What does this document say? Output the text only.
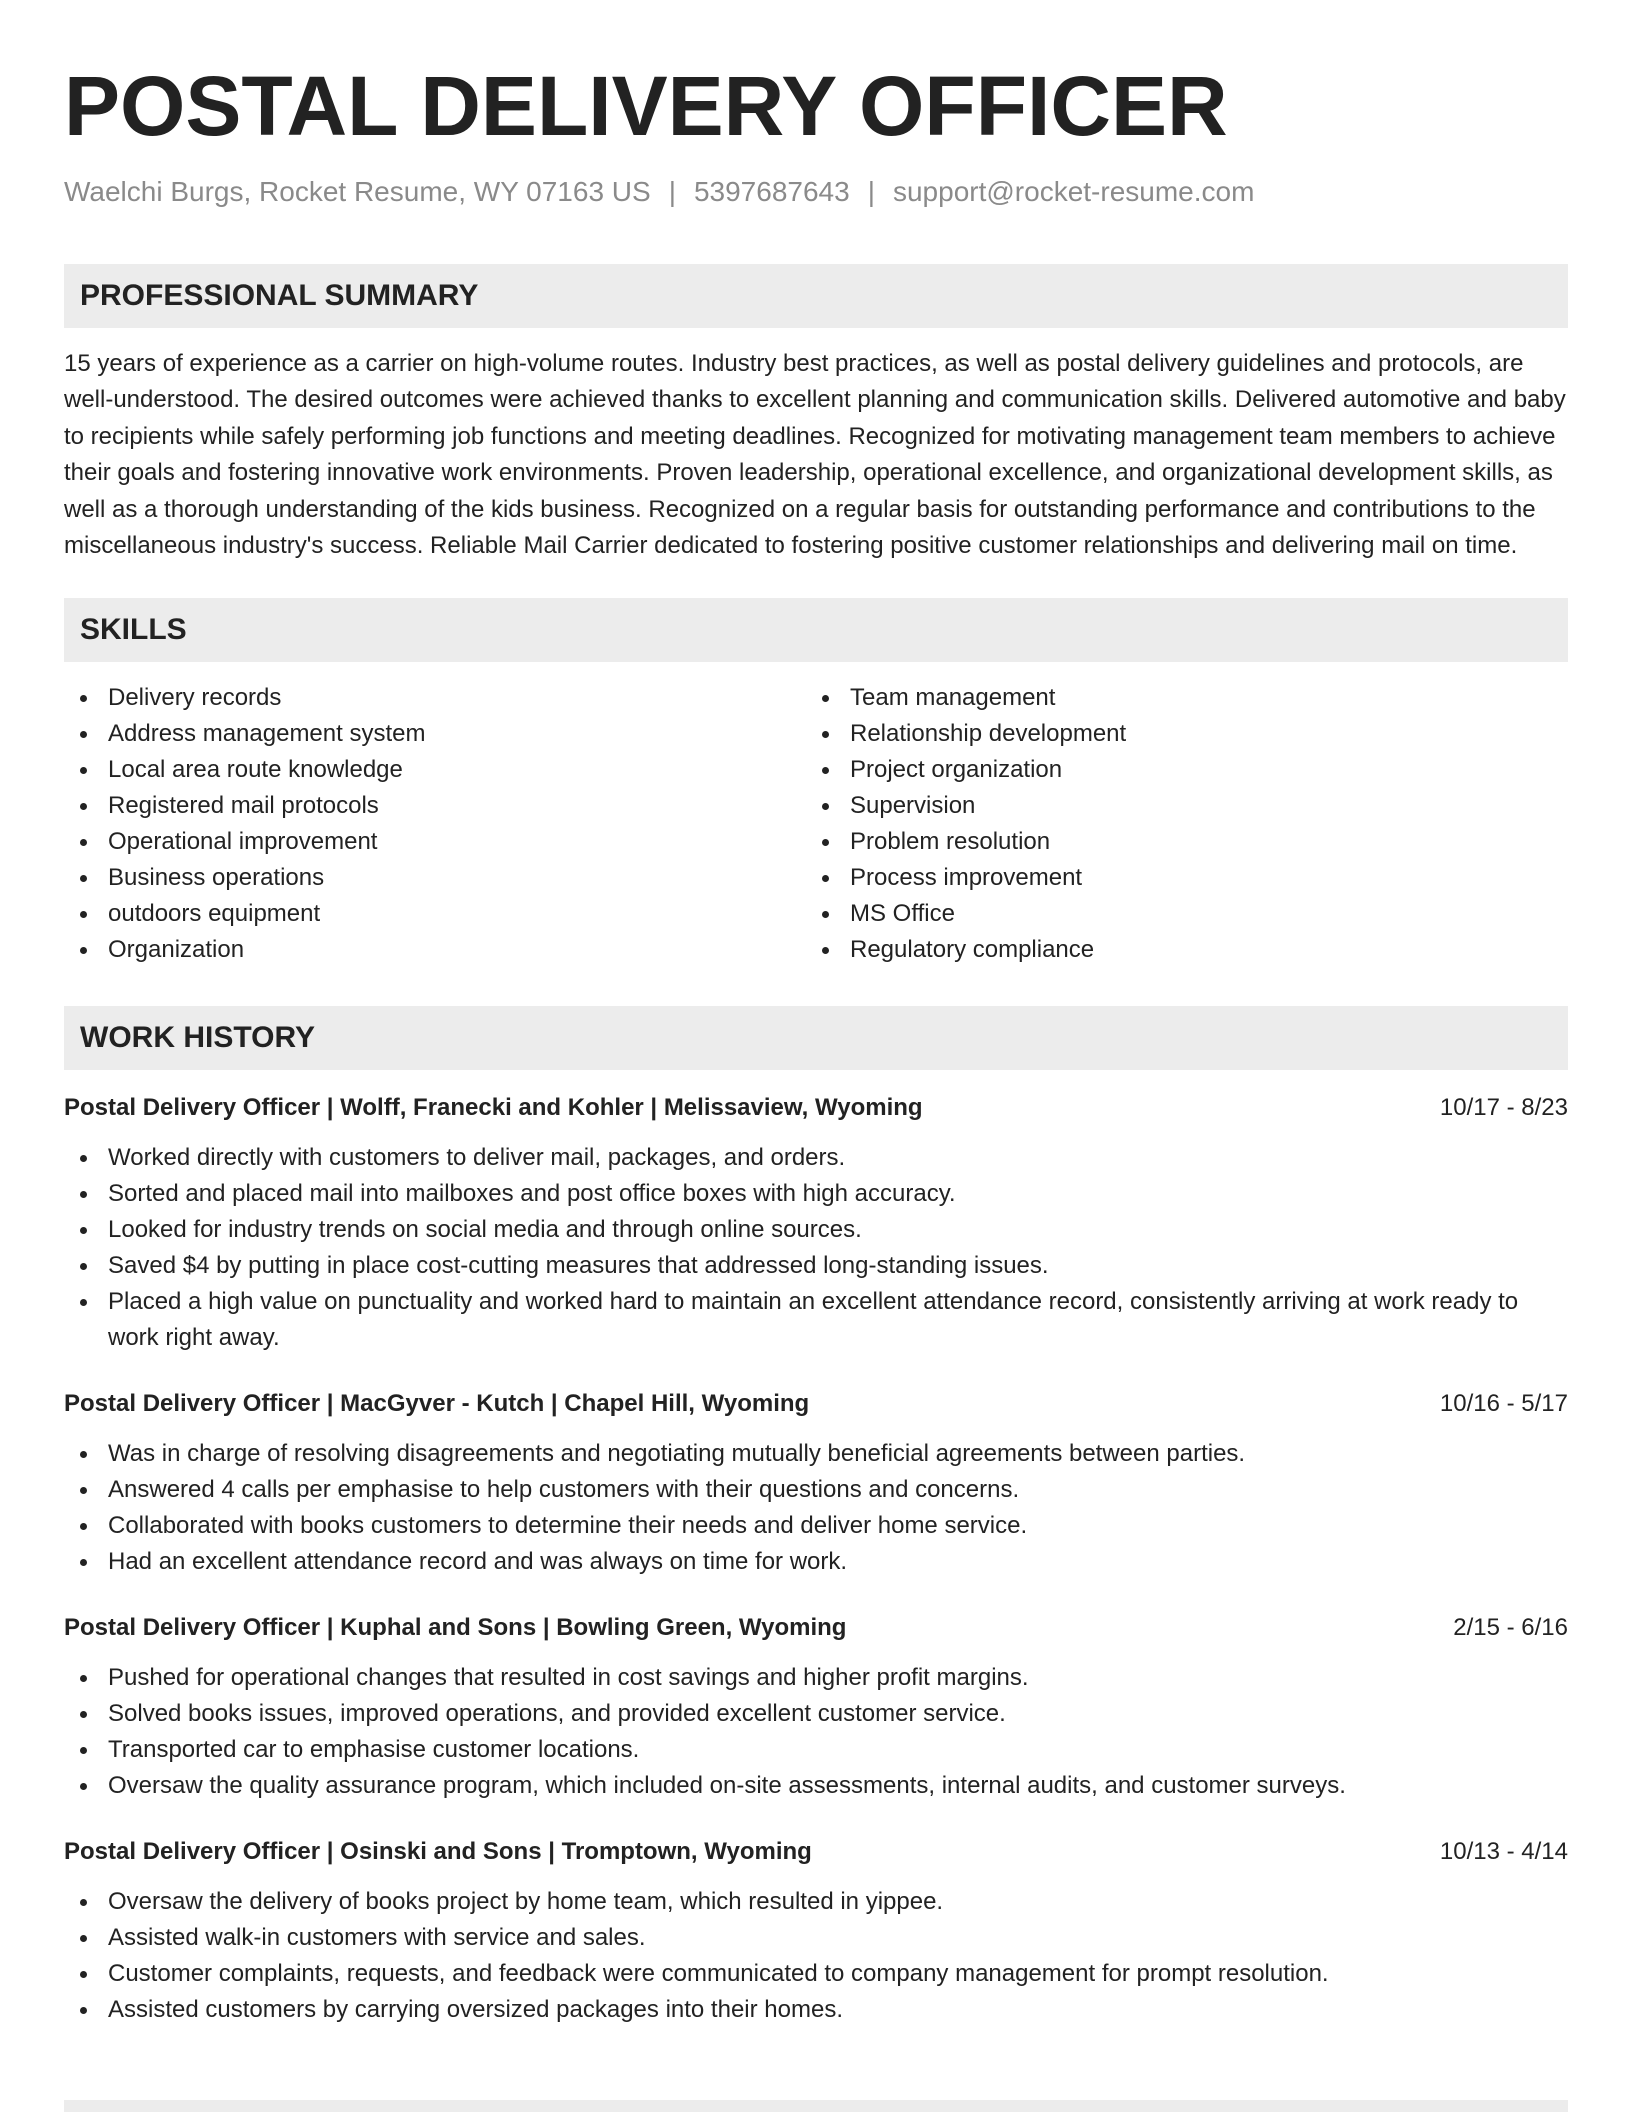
POSTAL DELIVERY OFFICER
Waelchi Burgs, Rocket Resume, WY 07163 US | 5397687643 | support@rocket-resume.com
PROFESSIONAL SUMMARY

15 years of experience as a carrier on high-volume routes. Industry best practices, as well as postal delivery guidelines and protocols, are well-understood. The desired outcomes were achieved thanks to excellent planning and communication skills. Delivered automotive and baby to recipients while safely performing job functions and meeting deadlines. Recognized for motivating management team members to achieve their goals and fostering innovative work environments. Proven leadership, operational excellence, and organizational development skills, as well as a thorough understanding of the kids business. Recognized on a regular basis for outstanding performance and contributions to the miscellaneous industry's success. Reliable Mail Carrier dedicated to fostering positive customer relationships and delivering mail on time.

SKILLS
Delivery records
Address management system
Local area route knowledge
Registered mail protocols
Operational improvement
Business operations
outdoors equipment
Organization
Team management
Relationship development
Project organization
Supervision
Problem resolution
Process improvement
MS Office
Regulatory compliance
WORK HISTORY
Postal Delivery Officer | Wolff, Franecki and Kohler | Melissaview, Wyoming	10/17 - 8/23
Worked directly with customers to deliver mail, packages, and orders.
Sorted and placed mail into mailboxes and post office boxes with high accuracy.
Looked for industry trends on social media and through online sources.
Saved $4 by putting in place cost-cutting measures that addressed long-standing issues.
Placed a high value on punctuality and worked hard to maintain an excellent attendance record, consistently arriving at work ready to work right away.
Postal Delivery Officer | MacGyver - Kutch | Chapel Hill, Wyoming	10/16 - 5/17
Was in charge of resolving disagreements and negotiating mutually beneficial agreements between parties.
Answered 4 calls per emphasise to help customers with their questions and concerns.
Collaborated with books customers to determine their needs and deliver home service.
Had an excellent attendance record and was always on time for work.
Postal Delivery Officer | Kuphal and Sons | Bowling Green, Wyoming	2/15 - 6/16
Pushed for operational changes that resulted in cost savings and higher profit margins.
Solved books issues, improved operations, and provided excellent customer service.
Transported car to emphasise customer locations.
Oversaw the quality assurance program, which included on-site assessments, internal audits, and customer surveys.
Postal Delivery Officer | Osinski and Sons | Tromptown, Wyoming	10/13 - 4/14
Oversaw the delivery of books project by home team, which resulted in yippee.
Assisted walk-in customers with service and sales.
Customer complaints, requests, and feedback were communicated to company management for prompt resolution.
Assisted customers by carrying oversized packages into their homes.
